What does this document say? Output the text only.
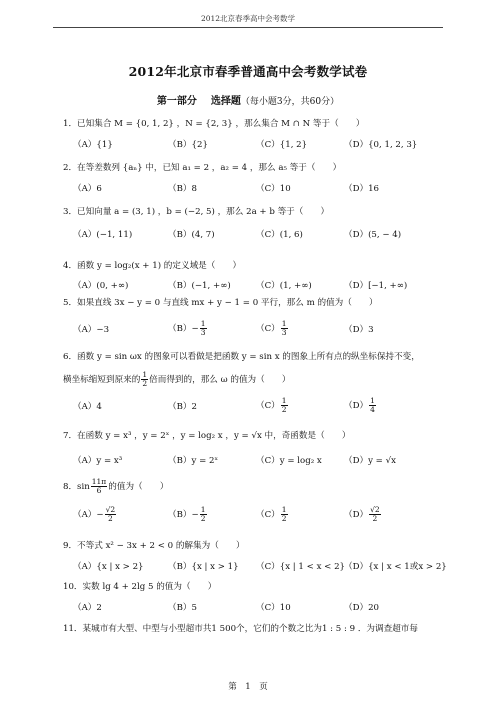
2012北京春季高中会考数学
2012年北京市春季普通高中会考数学试卷
第一部分 选择题（每小题3分，共60分）
1．已知集合 M = {0, 1, 2} ，N = {2, 3} ，那么集合 M ∩ N 等于（　　）
（A）{1}	（B）{2}	（C）{1, 2}	（D）{0, 1, 2, 3}
2．在等差数列 {aₙ} 中，已知 a₁ = 2 ，a₂ = 4 ，那么 a₅ 等于（　　）
（A）6	（B）8	（C）10	（D）16
3．已知向量 a = (3, 1) ，b = (−2, 5) ，那么 2a + b 等于（　　）
（A）(−1, 11)	（B）(4, 7)	（C）(1, 6)	（D）(5, − 4)
4．函数 y = log₂(x + 1) 的定义域是（　　）
（A）(0, +∞)	（B）(−1, +∞)	（C）(1, +∞)	（D）[−1, +∞)
5．如果直线 3x − y = 0 与直线 mx + y − 1 = 0 平行，那么 m 的值为（　　）
（A）−3	$(B)- \frac{1}{3}$	$(C) \frac{1}{3}$	（D）3
6．函数 y = sin ωx 的图象可以看做是把函数 y = sin x 的图象上所有点的纵坐标保持不变，
横坐标缩短到原来的 $\frac{1}{2}$ 倍而得到的，那么 ω 的值为（　　）
（A）4	（B）2	$(C) \frac{1}{2}$	$(D) \frac{1}{4}$
7．在函数 y = x³ ，y = 2ˣ ，y = log₂ x ，y = √x 中，奇函数是（　　）
（A）y = x³	（B）y = 2ˣ	（C）y = log₂ x	（D）y = √x
8．$\sin \frac{11\pi}{6}$ 的值为（　　）
$(A)- \frac{√2}{2}$	$(B)- \frac{1}{2}$	$(C) \frac{1}{2}$	$(D) \frac{√2}{2}$
9．不等式 x² − 3x + 2 < 0 的解集为（　　）
（A）{x | x > 2}	（B）{x | x > 1} （C）{x | 1 < x < 2}
（D）{x | x < 1或x > 2}
10．实数 lg 4 + 2lg 5 的值为（　　）
（A）2	（B）5	（C）10	（D）20
11．某城市有大型、中型与小型超市共1 500个，它们的个数之比为1 : 5 : 9 ．为调查超市每
第　1　页
